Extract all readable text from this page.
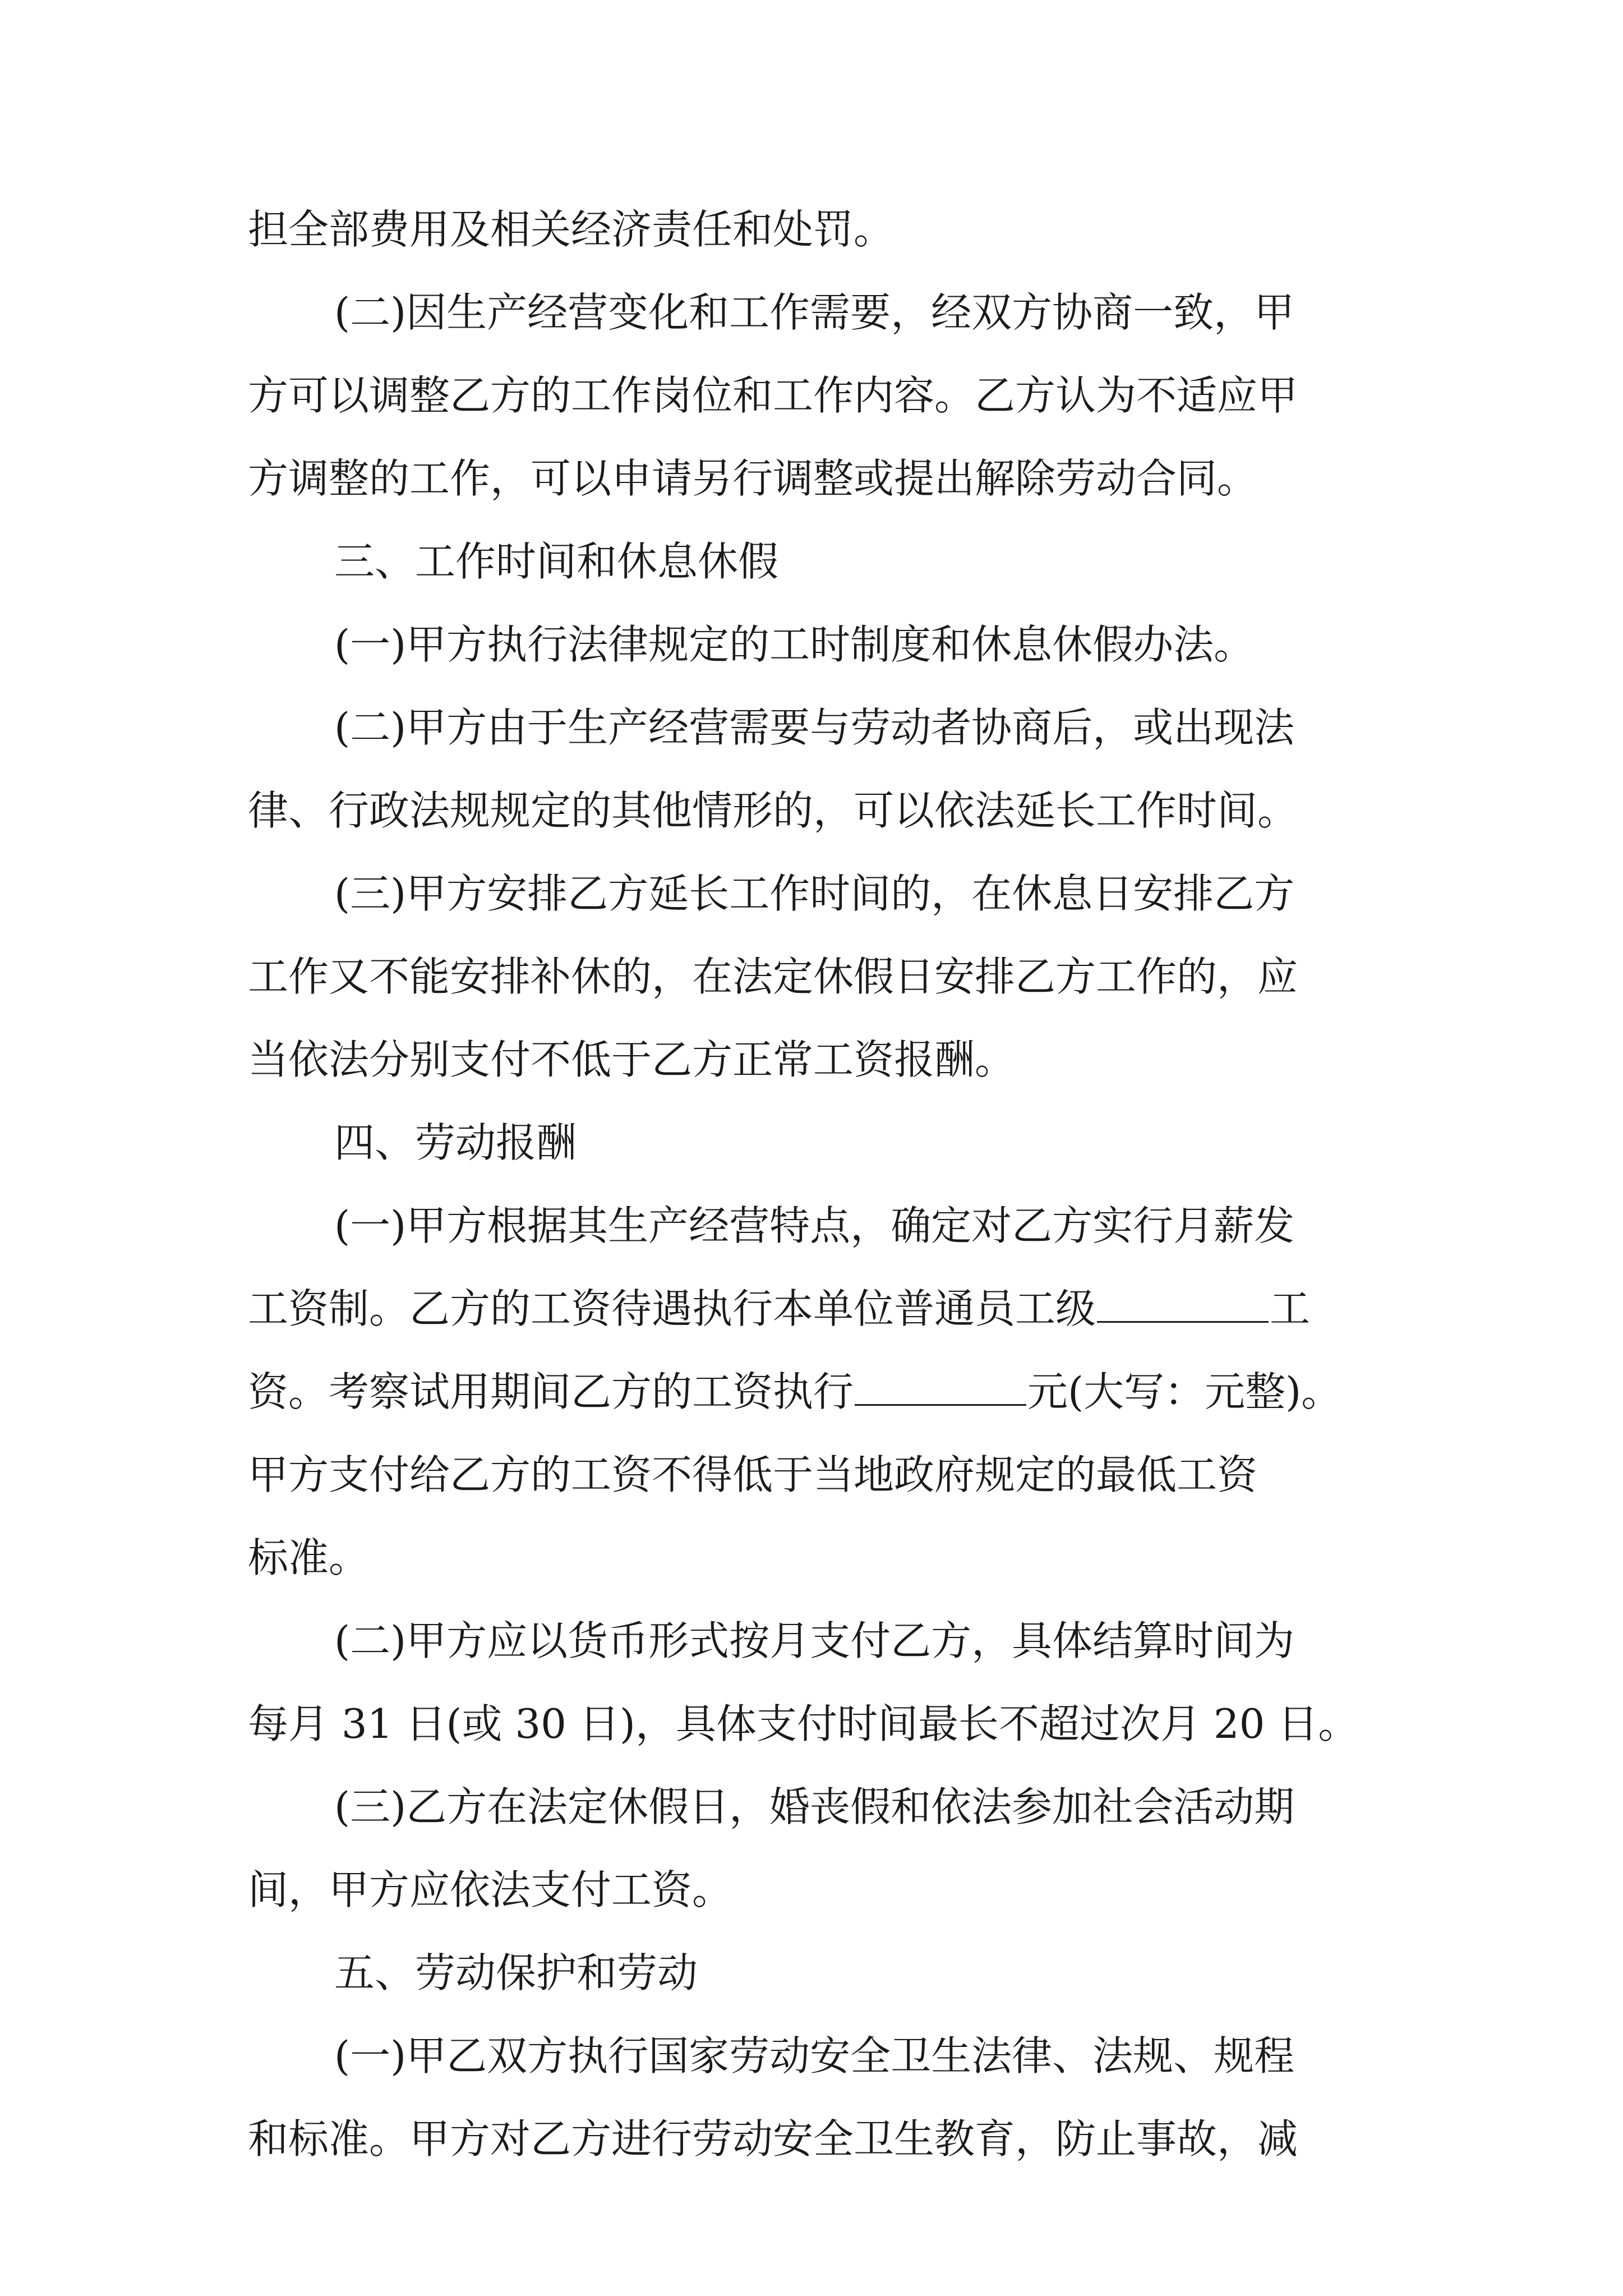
担全部费用及相关经济责任和处罚。
(二)因生产经营变化和工作需要，经双方协商一致，甲
方可以调整乙方的工作岗位和工作内容。乙方认为不适应甲
方调整的工作，可以申请另行调整或提出解除劳动合同。
三、工作时间和休息休假
(一)甲方执行法律规定的工时制度和休息休假办法。
(二)甲方由于生产经营需要与劳动者协商后，或出现法
律、行政法规规定的其他情形的，可以依法延长工作时间。
(三)甲方安排乙方延长工作时间的，在休息日安排乙方
工作又不能安排补休的，在法定休假日安排乙方工作的，应
当依法分别支付不低于乙方正常工资报酬。
四、劳动报酬
(一)甲方根据其生产经营特点，确定对乙方实行月薪发
工资制。乙方的工资待遇执行本单位普通员工级	工
资。考察试用期间乙方的工资执行	元(大写：元整)。
甲方支付给乙方的工资不得低于当地政府规定的最低工资
标准。
(二)甲方应以货币形式按月支付乙方，具体结算时间为
每月 31 日(或 30 日)，具体支付时间最长不超过次月 20 日。
(三)乙方在法定休假日，婚丧假和依法参加社会活动期
间，甲方应依法支付工资。
五、劳动保护和劳动
(一)甲乙双方执行国家劳动安全卫生法律、法规、规程
和标准。甲方对乙方进行劳动安全卫生教育，防止事故，减
